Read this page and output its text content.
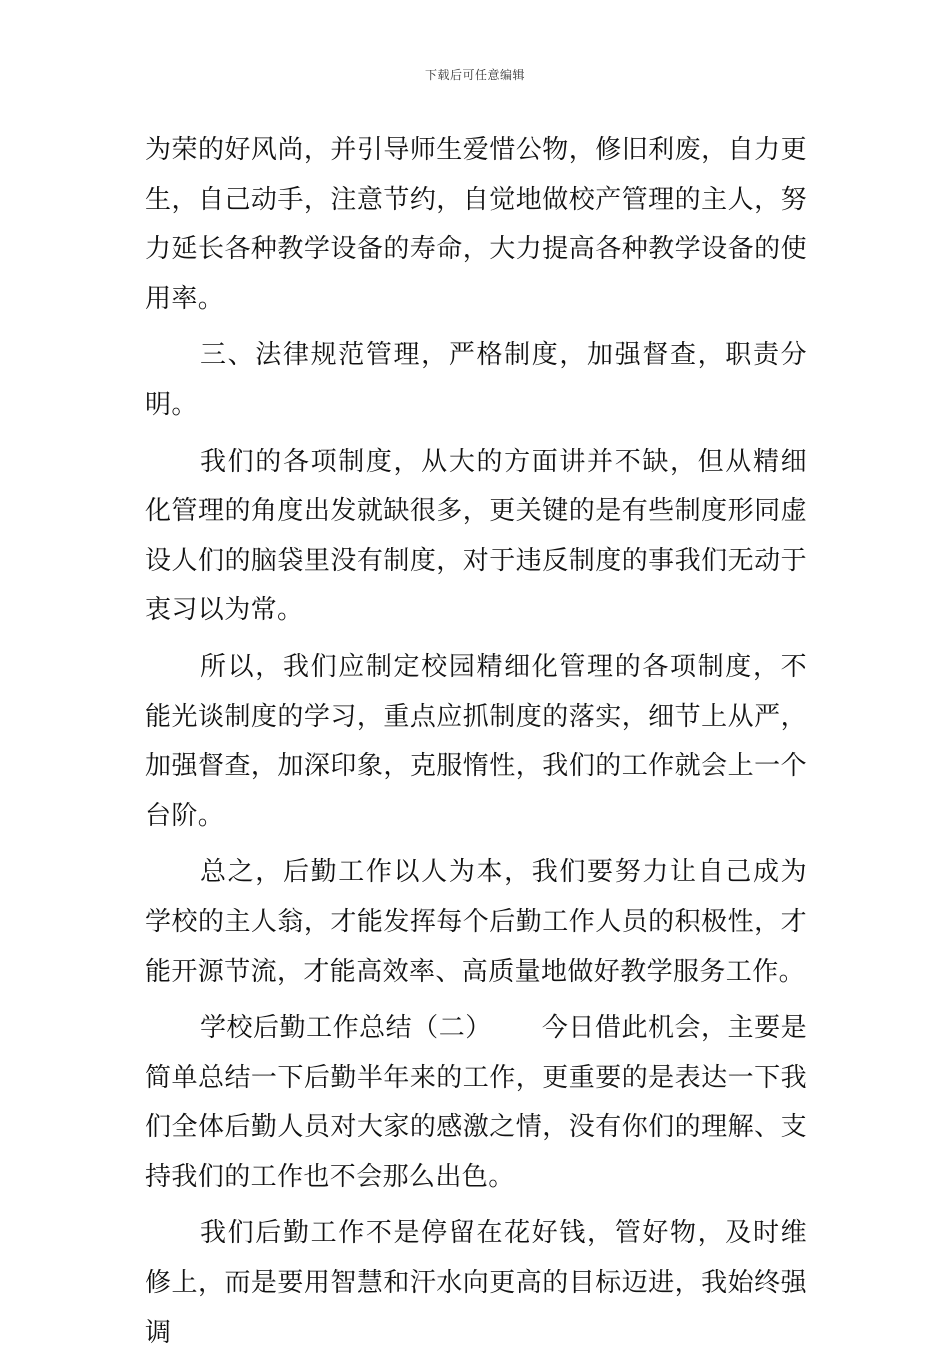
下载后可任意编辑

为荣的好风尚，并引导师生爱惜公物，修旧利废，自力更生，自己动手，注意节约，自觉地做校产管理的主人，努力延长各种教学设备的寿命，大力提高各种教学设备的使用率。

三、法律规范管理，严格制度，加强督查，职责分明。

我们的各项制度，从大的方面讲并不缺，但从精细化管理的角度出发就缺很多，更关键的是有些制度形同虚设人们的脑袋里没有制度，对于违反制度的事我们无动于衷习以为常。

所以，我们应制定校园精细化管理的各项制度，不能光谈制度的学习，重点应抓制度的落实，细节上从严，加强督查，加深印象，克服惰性，我们的工作就会上一个台阶。

总之，后勤工作以人为本，我们要努力让自己成为学校的主人翁，才能发挥每个后勤工作人员的积极性，才能开源节流，才能高效率、高质量地做好教学服务工作。

学校后勤工作总结（二） 今日借此机会，主要是简单总结一下后勤半年来的工作，更重要的是表达一下我们全体后勤人员对大家的感激之情，没有你们的理解、支持我们的工作也不会那么出色。

我们后勤工作不是停留在花好钱，管好物，及时维修上，而是要用智慧和汗水向更高的目标迈进，我始终强调
